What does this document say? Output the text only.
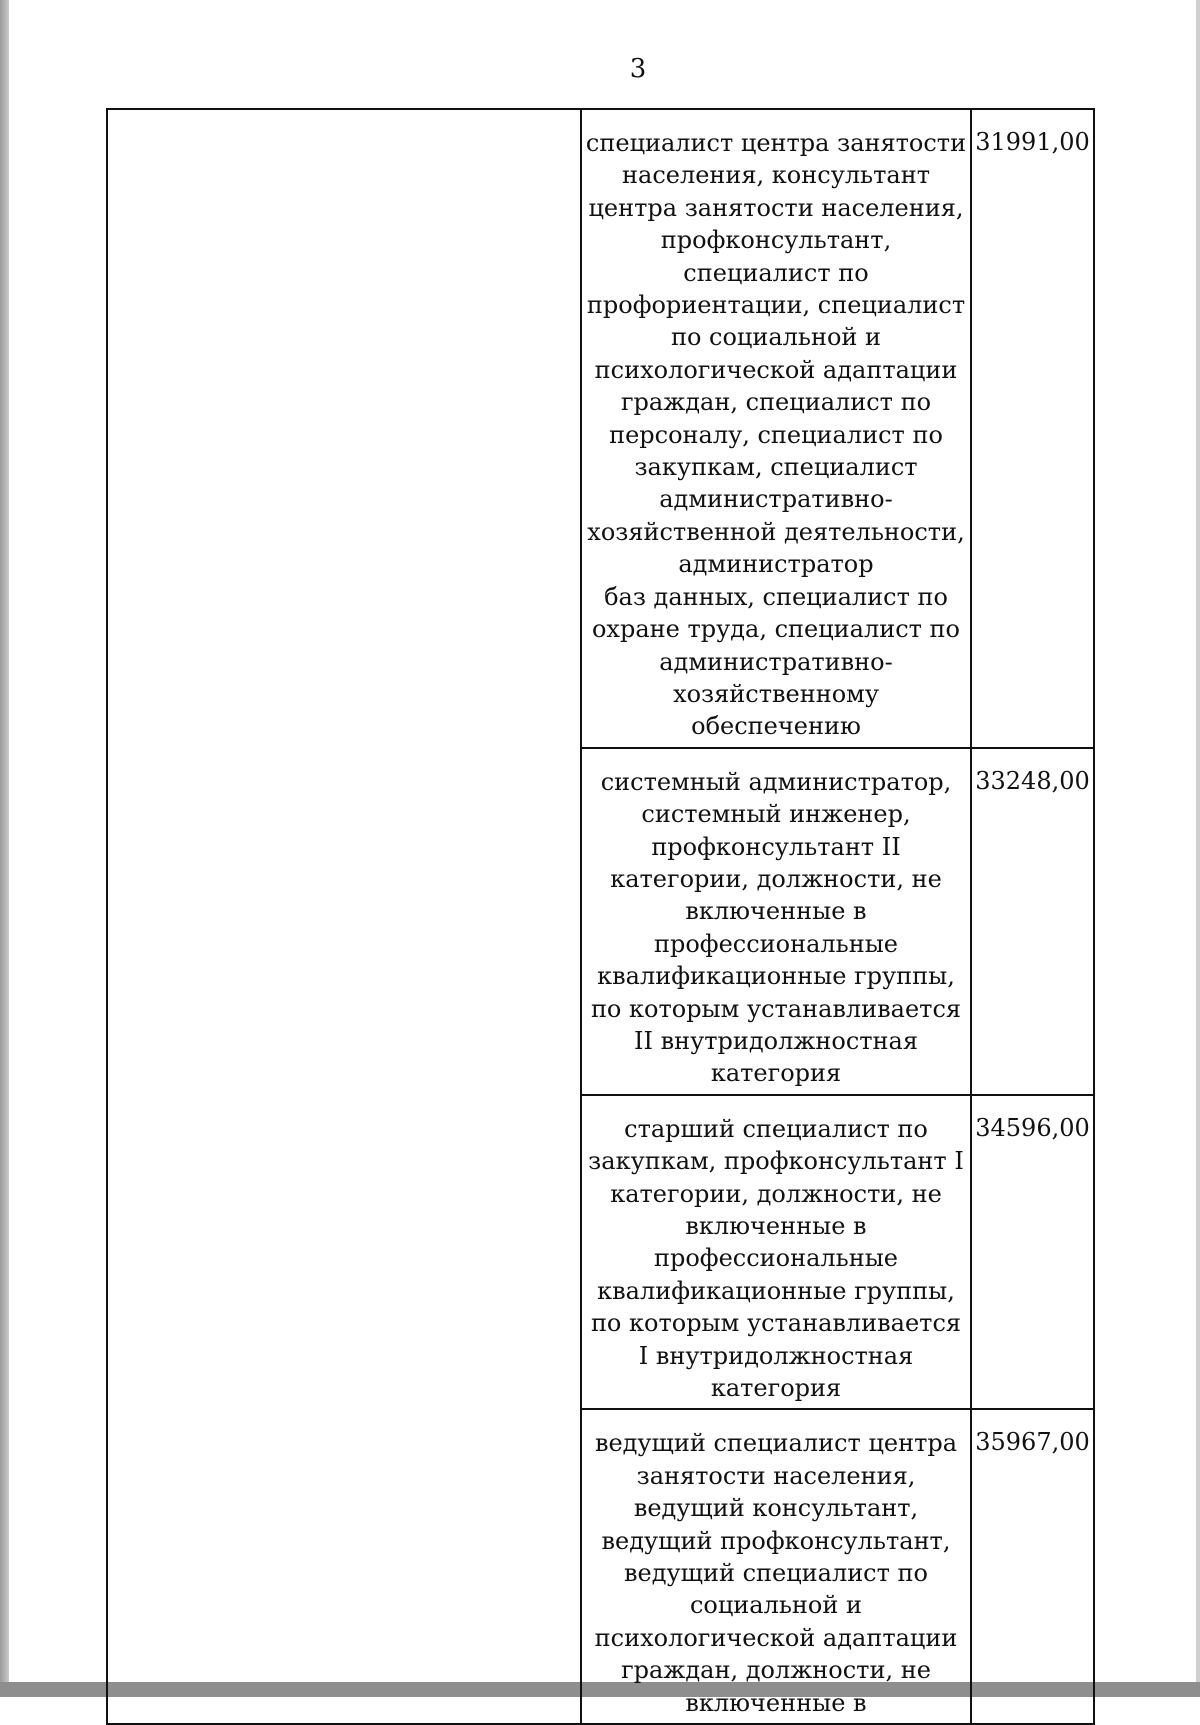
3
	специалист центра занятости населения, консультант центра занятости населения, профконсультант, специалист по профориентации, специалист по социальной и психологической адаптации граждан, специалист по персоналу, специалист по закупкам, специалист административно-хозяйственной деятельности, администратор
баз данных, специалист по охране труда, специалист по административно-хозяйственному обеспечению	31991,00
	системный администратор, системный инженер, профконсультант II категории, должности, не включенные в профессиональные квалификационные группы, по которым устанавливается II внутридолжностная категория	33248,00
	старший специалист по закупкам, профконсультант I категории, должности, не включенные в профессиональные квалификационные группы, по которым устанавливается I внутридолжностная категория	34596,00
	ведущий специалист центра занятости населения, ведущий консультант, ведущий профконсультант,
ведущий специалист по социальной и психологической адаптации граждан, должности, не включенные в	35967,00
